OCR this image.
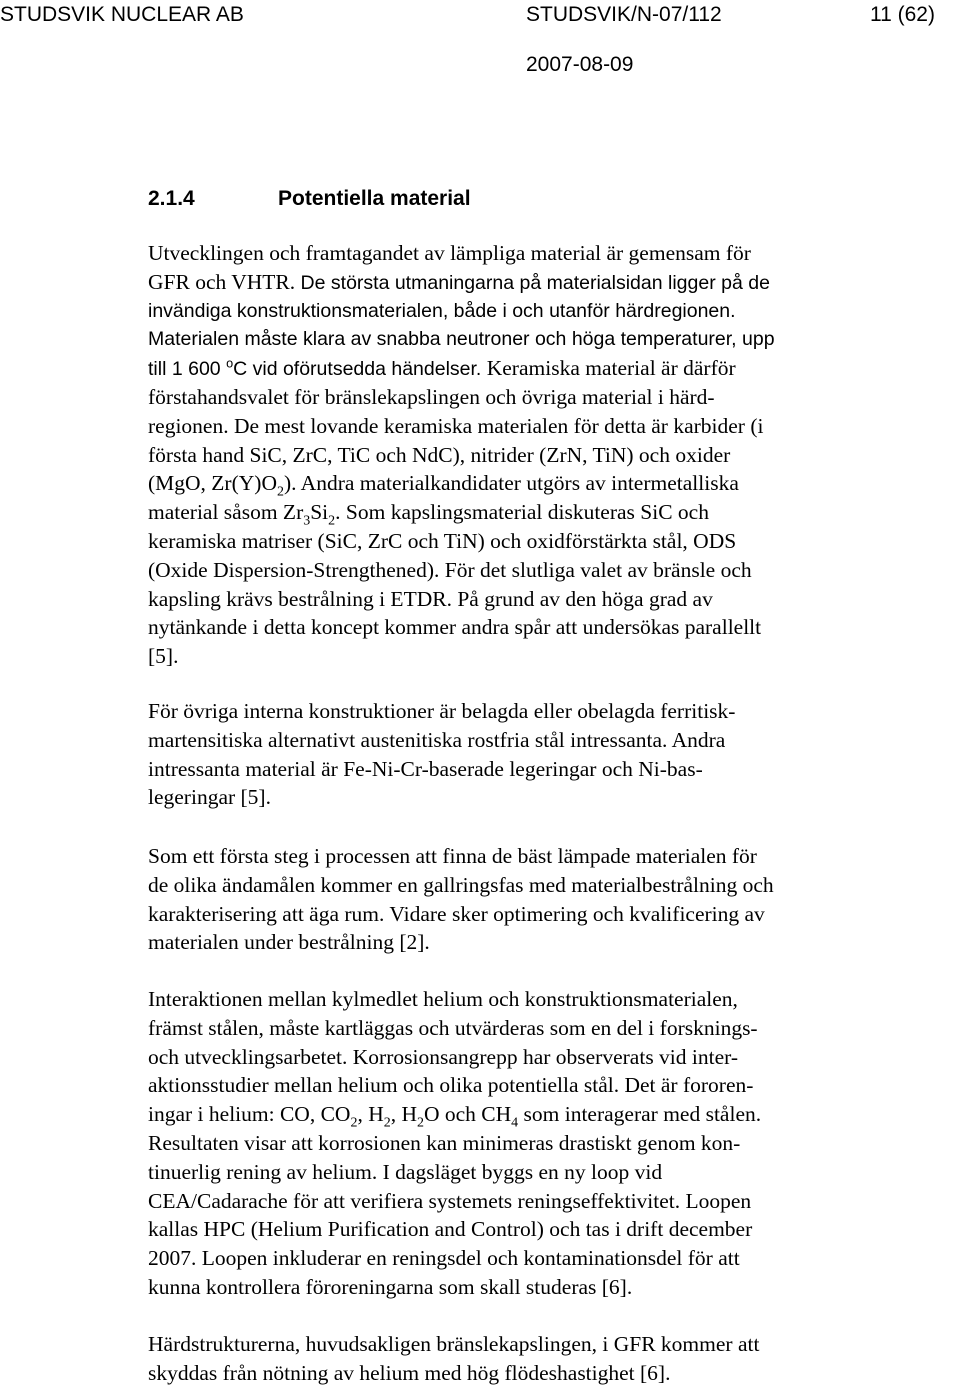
STUDSVIK NUCLEAR AB	STUDSVIK/N-07/112	11 (62)
2007-08-09
2.1.4	Potentiella material
Utvecklingen och framtagandet av lämpliga material är gemensam för
GFR och VHTR. De största utmaningarna på materialsidan ligger på de
invändiga konstruktionsmaterialen, både i och utanför härdregionen.
Materialen måste klara av snabba neutroner och höga temperaturer, upp
till 1 600 $^o$C vid oförutsedda händelser. Keramiska material är därför
förstahandsvalet för bränslekapslingen och övriga material i härd-
regionen. De mest lovande keramiska materialen för detta är karbider (i
första hand SiC, ZrC, TiC och NdC), nitrider (ZrN, TiN) och oxider
(MgO, $Zr(Y)O_2$). Andra materialkandidater utgörs av intermetalliska
material såsom $Zr_3Si_2$. Som kapslingsmaterial diskuteras SiC och
keramiska matriser (SiC, ZrC och TiN) och oxidförstärkta stål, ODS
(Oxide Dispersion-Strengthened). För det slutliga valet av bränsle och
kapsling krävs bestrålning i ETDR. På grund av den höga grad av
nytänkande i detta koncept kommer andra spår att undersökas parallellt
[5].
För övriga interna konstruktioner är belagda eller obelagda ferritisk-
martensitiska alternativt austenitiska rostfria stål intressanta. Andra
intressanta material är Fe-Ni-Cr-baserade legeringar och Ni-bas-
legeringar [5].
Som ett första steg i processen att finna de bäst lämpade materialen för
de olika ändamålen kommer en gallringsfas med materialbestrålning och
karakterisering att äga rum. Vidare sker optimering och kvalificering av
materialen under bestrålning [2].
Interaktionen mellan kylmedlet helium och konstruktionsmaterialen,
främst stålen, måste kartläggas och utvärderas som en del i forsknings-
och utvecklingsarbetet. Korrosionsangrepp har observerats vid inter-
aktionsstudier mellan helium och olika potentiella stål. Det är fororen-
ingar i helium: CO, $CO_2$, $H_2$, $H_2O$ och $CH_4$ som interagerar med stålen.
Resultaten visar att korrosionen kan minimeras drastiskt genom kon-
tinuerlig rening av helium. I dagsläget byggs en ny loop vid
CEA/Cadarache för att verifiera systemets reningseffektivitet. Loopen
kallas HPC (Helium Purification and Control) och tas i drift december
2007. Loopen inkluderar en reningsdel och kontaminationsdel för att
kunna kontrollera föroreningarna som skall studeras [6].
Härdstrukturerna, huvudsakligen bränslekapslingen, i GFR kommer att
skyddas från nötning av helium med hög flödeshastighet [6].
